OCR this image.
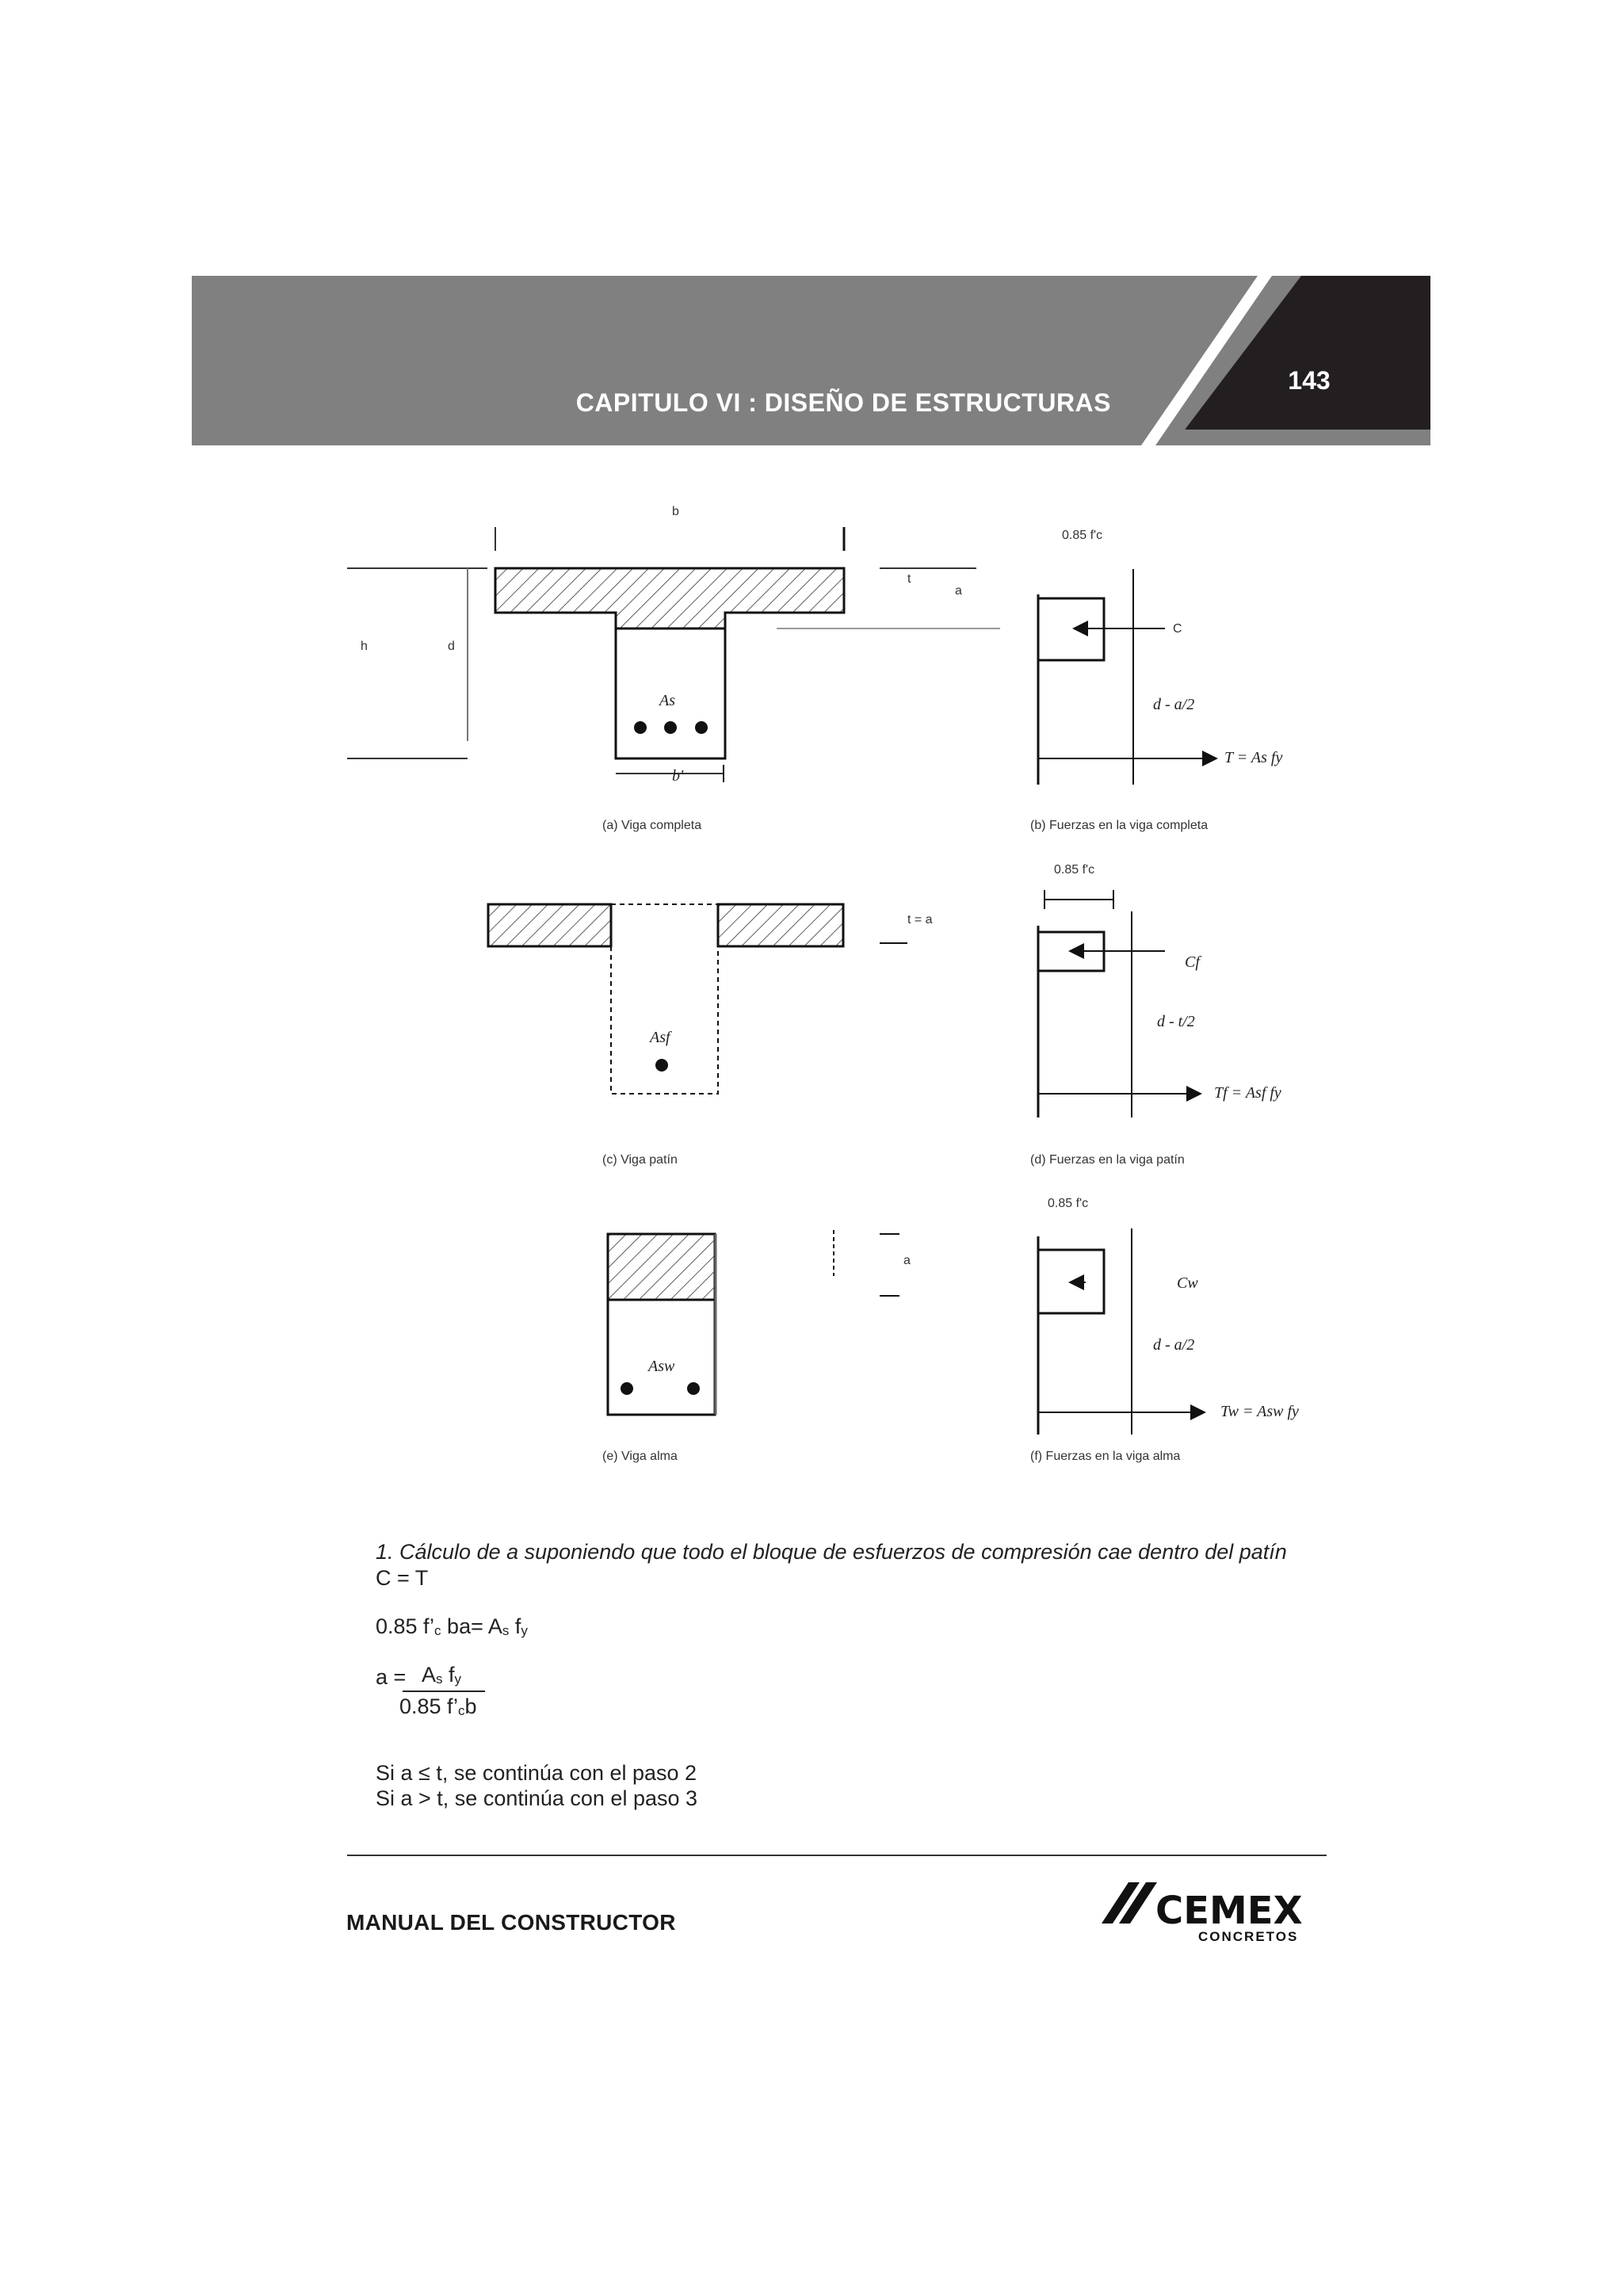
CAPITULO VI : DISEÑO DE ESTRUCTURAS
143
b
t
a
h	d
As
b'
(a) Viga completa
0.85 f'c
C
d - a/2
T = As fy
(b) Fuerzas en la viga completa
t = a
Asf
(c) Viga patín
0.85 f'c
Cf
d - t/2
Tf = Asf fy
(d) Fuerzas en la viga patín
a
Asw
(e) Viga alma
0.85 f'c
Cw
d - a/2
Tw = Asw fy
(f) Fuerzas en la viga alma
1. Cálculo de a suponiendo que todo el bloque de esfuerzos de compresión cae dentro del patín
C = T
0.85 f’c ba= As fy
a = As fy
0.85 f’cb
Si a ≤ t, se continúa con el paso 2
Si a > t, se continúa con el paso 3
MANUAL DEL CONSTRUCTOR	CEMEX
CONCRETOS
